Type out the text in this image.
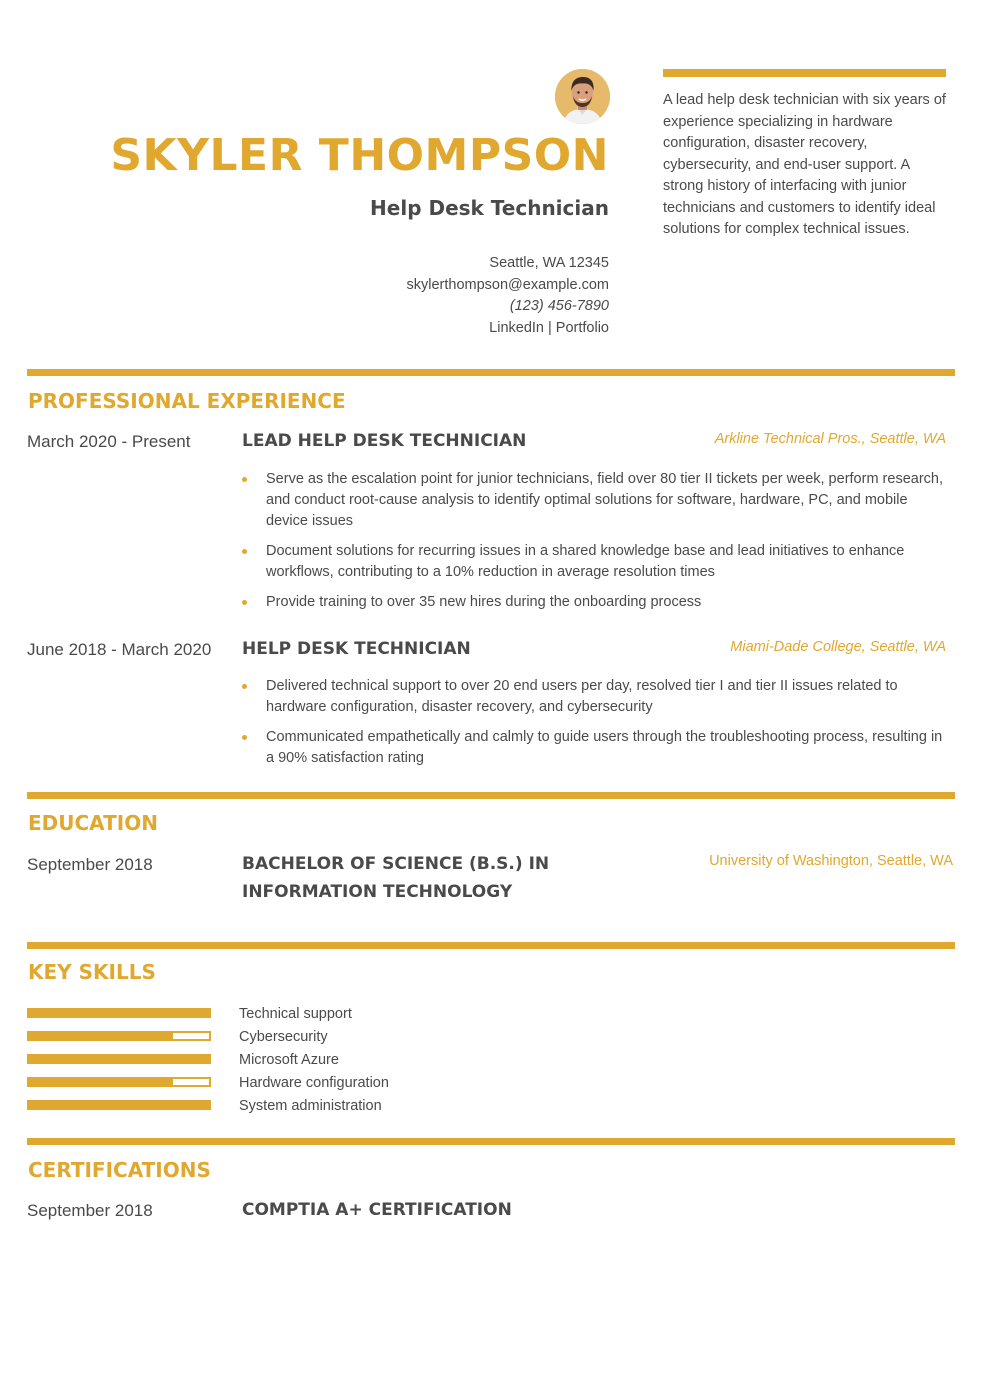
SKYLER THOMPSON
Help Desk Technician
Seattle, WA 12345
skylerthompson@example.com
(123) 456-7890
LinkedIn | Portfolio
A lead help desk technician with six years of experience specializing in hardware configuration, disaster recovery, cybersecurity, and end-user support. A strong history of interfacing with junior technicians and customers to identify ideal solutions for complex technical issues.
PROFESSIONAL EXPERIENCE
March 2020 - Present	LEAD HELP DESK TECHNICIAN	Arkline Technical Pros., Seattle, WA
Serve as the escalation point for junior technicians, field over 80 tier II tickets per week, perform research, and conduct root-cause analysis to identify optimal solutions for software, hardware, PC, and mobile device issues
Document solutions for recurring issues in a shared knowledge base and lead initiatives to enhance workflows, contributing to a 10% reduction in average resolution times
Provide training to over 35 new hires during the onboarding process
June 2018 - March 2020 HELP DESK TECHNICIAN	Miami-Dade College, Seattle, WA
Delivered technical support to over 20 end users per day, resolved tier I and tier II issues related to hardware configuration, disaster recovery, and cybersecurity
Communicated empathetically and calmly to guide users through the troubleshooting process, resulting in a 90% satisfaction rating
EDUCATION
September 2018	BACHELOR OF SCIENCE (B.S.) IN INFORMATION TECHNOLOGY
University of Washington, Seattle, WA
KEY SKILLS
Technical support
Cybersecurity
Microsoft Azure
Hardware configuration
System administration
CERTIFICATIONS
September 2018	COMPTIA A+ CERTIFICATION
